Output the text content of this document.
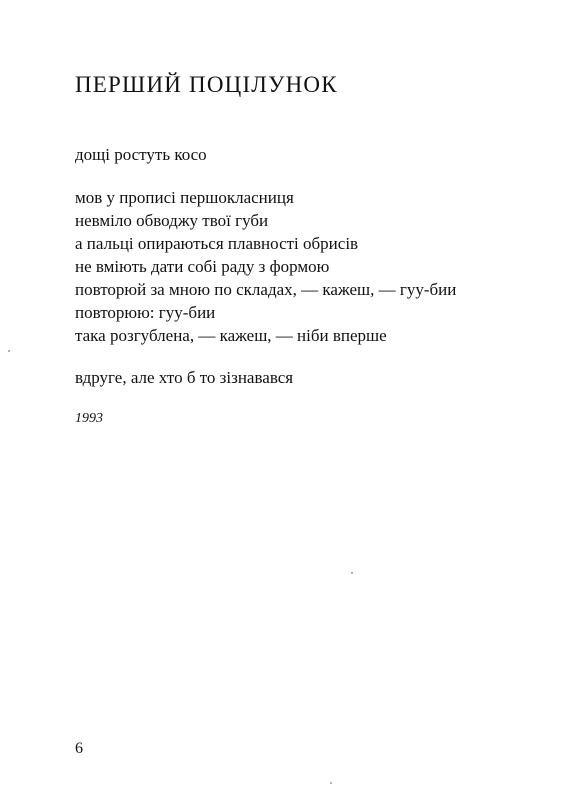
ПЕРШИЙ ПОЦІЛУНОК
дощі ростуть косо
мов у прописі першокласниця
невміло обводжу твої губи
а пальці опираються плавності обрисів
не вміють дати собі раду з формою
повторюй за мною по складах, — кажеш, — гуу-бии
повторюю: гуу-бии
така розгублена, — кажеш, — ніби вперше
вдруге, але хто б то зізнавався
1993
6
